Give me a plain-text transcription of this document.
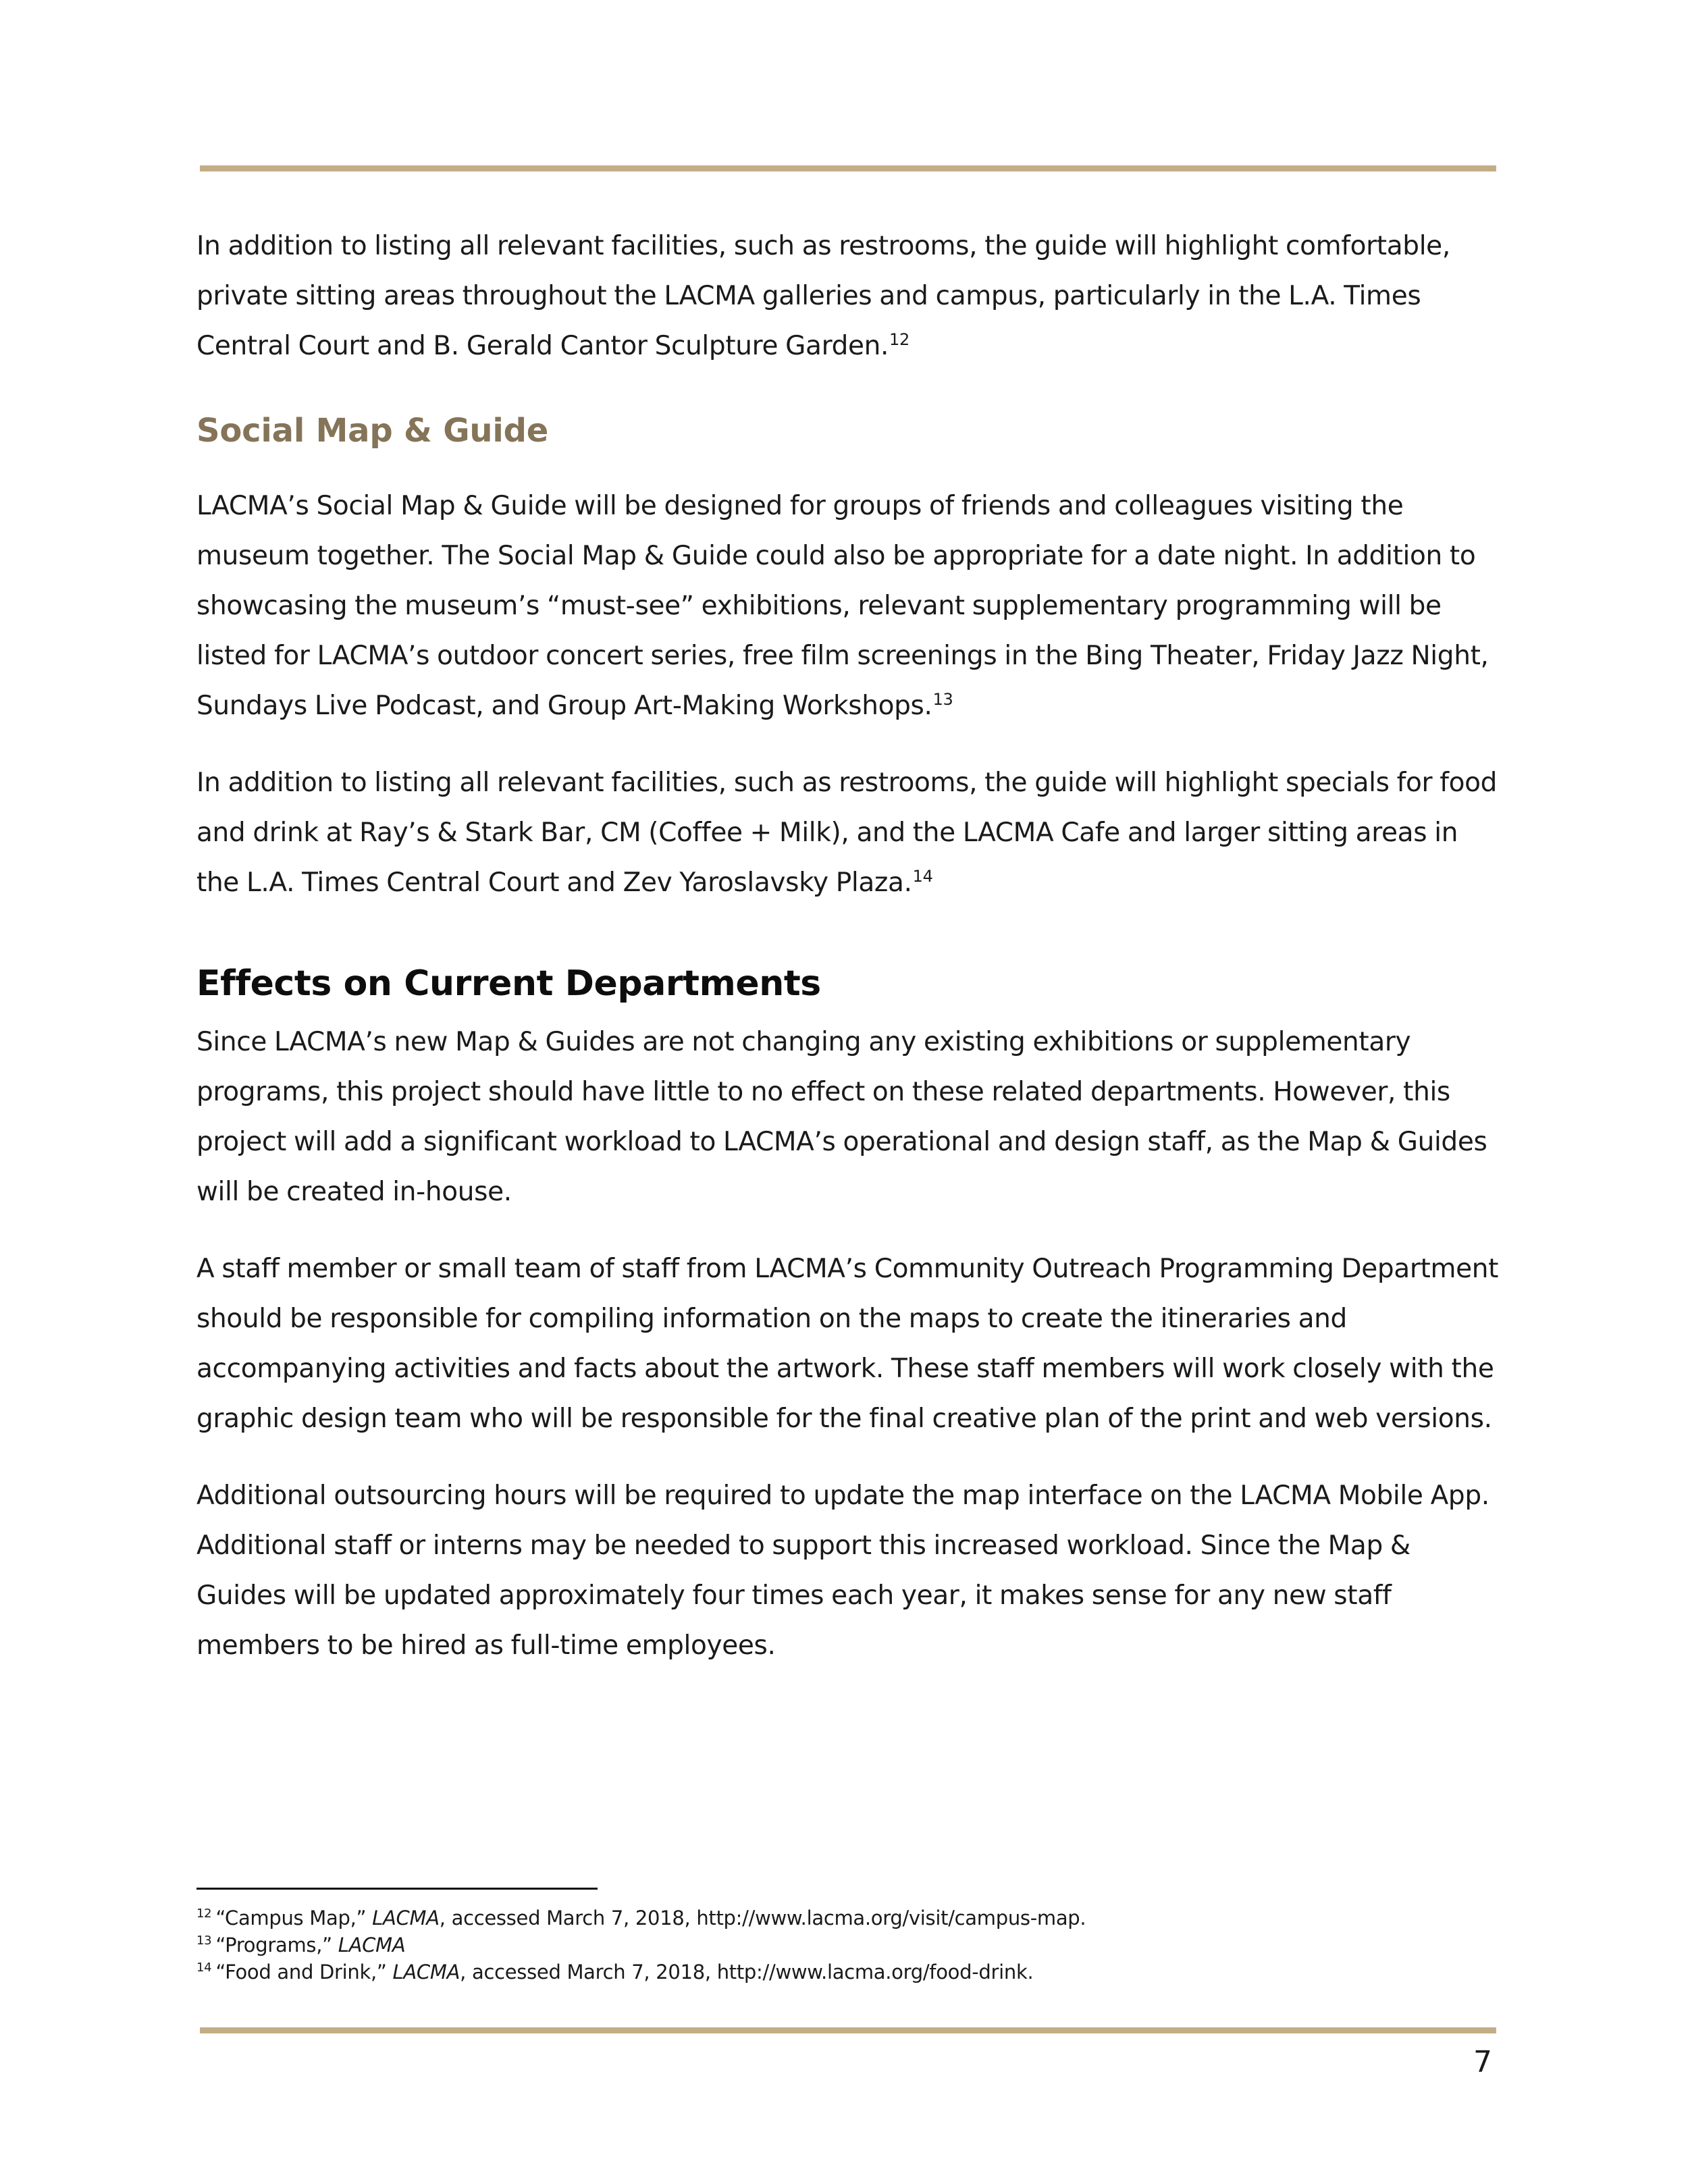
In addition to listing all relevant facilities, such as restrooms, the guide will highlight comfortable, private sitting areas throughout the LACMA galleries and campus, particularly in the L.A. Times Central Court and B. Gerald Cantor Sculpture Garden.$^{12}$

Social Map & Guide

LACMA’s Social Map & Guide will be designed for groups of friends and colleagues visiting the museum together. The Social Map & Guide could also be appropriate for a date night. In addition to showcasing the museum’s “must-see” exhibitions, relevant supplementary programming will be listed for LACMA’s outdoor concert series, free film screenings in the Bing Theater, Friday Jazz Night, Sundays Live Podcast, and Group Art-Making Workshops.$^{13}$

In addition to listing all relevant facilities, such as restrooms, the guide will highlight specials for food and drink at Ray’s & Stark Bar, CM (Coffee + Milk), and the LACMA Cafe and larger sitting areas in the L.A. Times Central Court and Zev Yaroslavsky Plaza.$^{14}$

Effects on Current Departments

Since LACMA’s new Map & Guides are not changing any existing exhibitions or supplementary programs, this project should have little to no effect on these related departments. However, this project will add a significant workload to LACMA’s operational and design staff, as the Map & Guides will be created in-house.

A staff member or small team of staff from LACMA’s Community Outreach Programming Department should be responsible for compiling information on the maps to create the itineraries and accompanying activities and facts about the artwork. These staff members will work closely with the graphic design team who will be responsible for the final creative plan of the print and web versions.

Additional outsourcing hours will be required to update the map interface on the LACMA Mobile App. Additional staff or interns may be needed to support this increased workload. Since the Map & Guides will be updated approximately four times each year, it makes sense for any new staff members to be hired as full-time employees.

$^{12}$ “Campus Map,” LACMA, accessed March 7, 2018, http://www.lacma.org/visit/campus-map.
$^{13}$ “Programs,” LACMA
$^{14}$ “Food and Drink,” LACMA, accessed March 7, 2018, http://www.lacma.org/food-drink.
7
